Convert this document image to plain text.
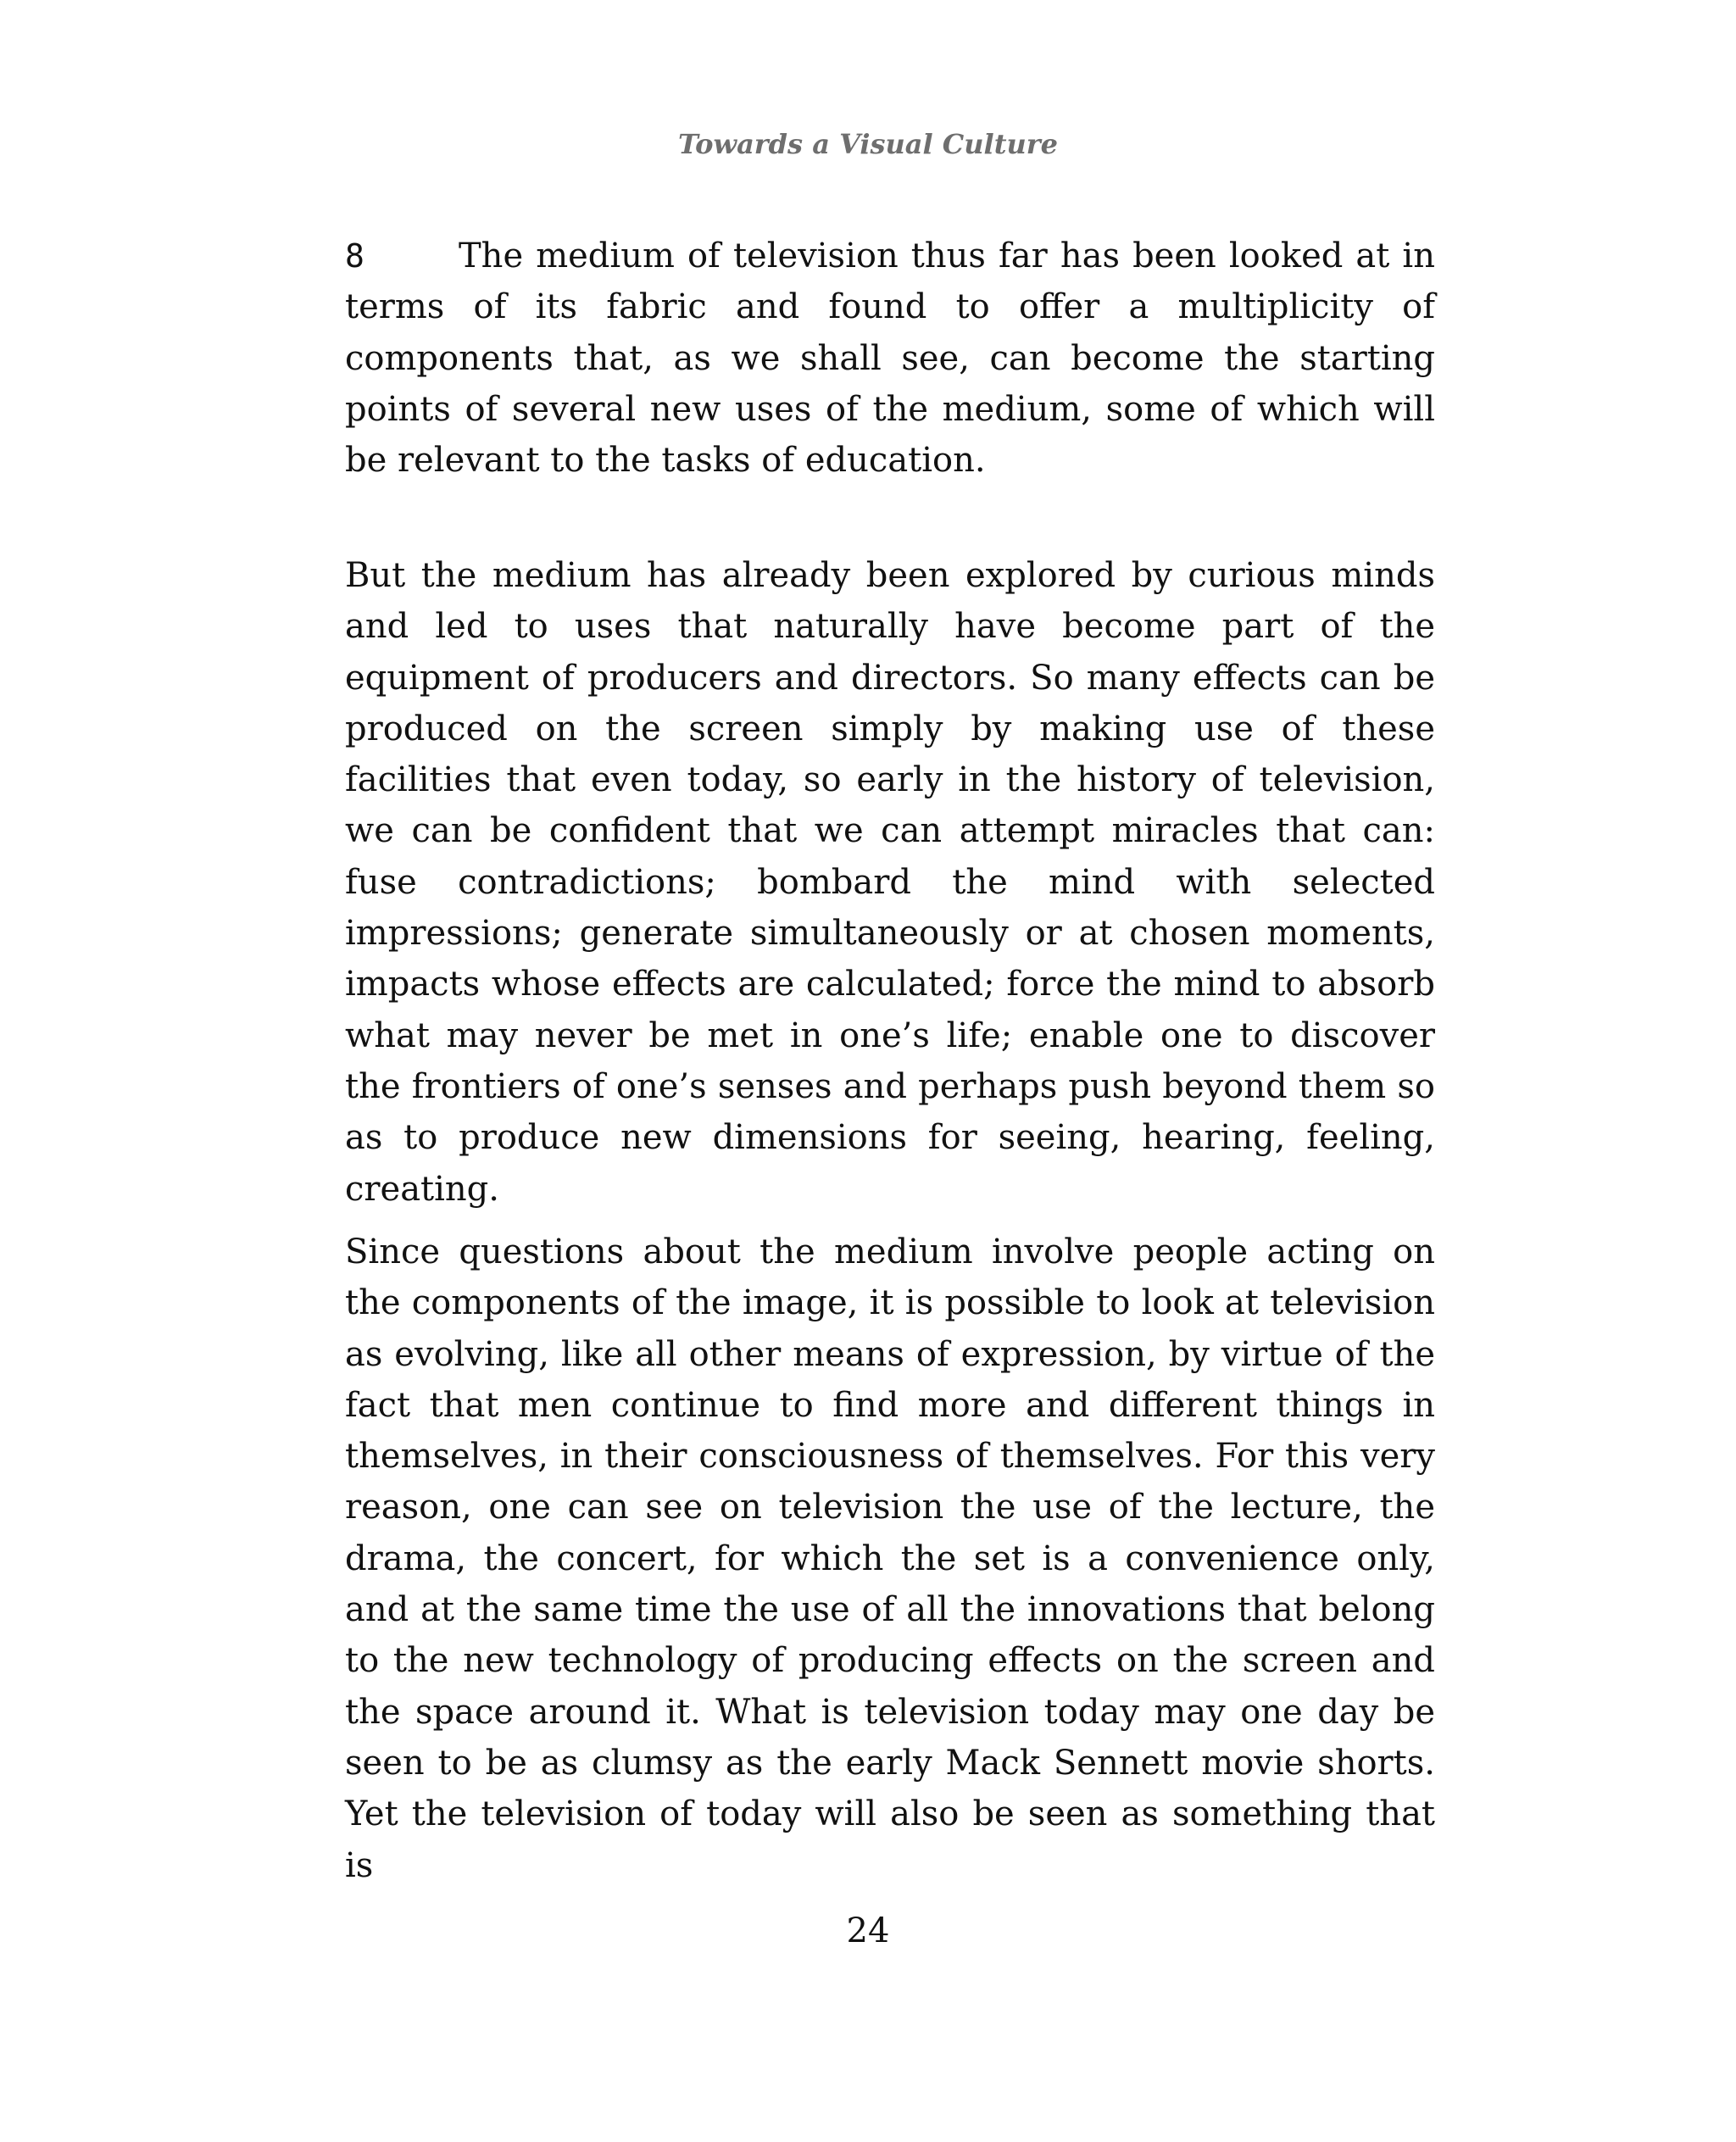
Towards a Visual Culture

8	The medium of television thus far has been looked at in terms of its fabric and found to offer a multiplicity of components that, as we shall see, can become the starting points of several new uses of the medium, some of which will be relevant to the tasks of education.

But the medium has already been explored by curious minds and led to uses that naturally have become part of the equipment of producers and directors. So many effects can be produced on the screen simply by making use of these facilities that even today, so early in the history of television, we can be confident that we can attempt miracles that can: fuse contradictions; bombard the mind with selected impressions; generate simultaneously or at chosen moments, impacts whose effects are calculated; force the mind to absorb what may never be met in one’s life; enable one to discover the frontiers of one’s senses and perhaps push beyond them so as to produce new dimensions for seeing, hearing, feeling, creating.

Since questions about the medium involve people acting on the components of the image, it is possible to look at television as evolving, like all other means of expression, by virtue of the fact that men continue to find more and different things in themselves, in their consciousness of themselves. For this very reason, one can see on television the use of the lecture, the drama, the concert, for which the set is a convenience only, and at the same time the use of all the innovations that belong to the new technology of producing effects on the screen and the space around it. What is television today may one day be seen to be as clumsy as the early Mack Sennett movie shorts. Yet the television of today will also be seen as something that is

24
